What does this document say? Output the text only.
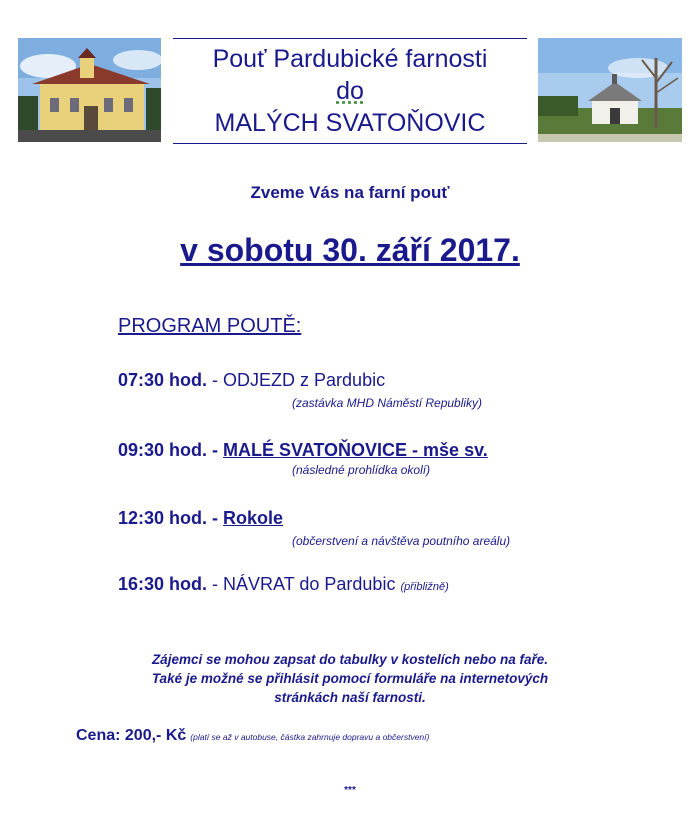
Pouť Pardubické farnosti
do
MALÝCH SVATOŇOVIC
Zveme Vás na farní pouť
v sobotu 30. září 2017.
PROGRAM POUTĚ:
07:30 hod. - ODJEZD z Pardubic
(zastávka MHD Náměstí Republiky)
09:30 hod. - MALÉ SVATOŇOVICE - mše sv.
(následné prohlídka okolí)
12:30 hod. - Rokole
(občerstvení a návštěva poutního areálu)
16:30 hod. - NÁVRAT do Pardubic (přibližně)
Zájemci se mohou zapsat do tabulky v kostelích nebo na faře.
Také je možné se přihlásit pomocí formuláře na internetových
stránkách naší farnosti.
Cena: 200,- Kč (platí se až v autobuse, částka zahrnuje dopravu a občerstvení)
***
